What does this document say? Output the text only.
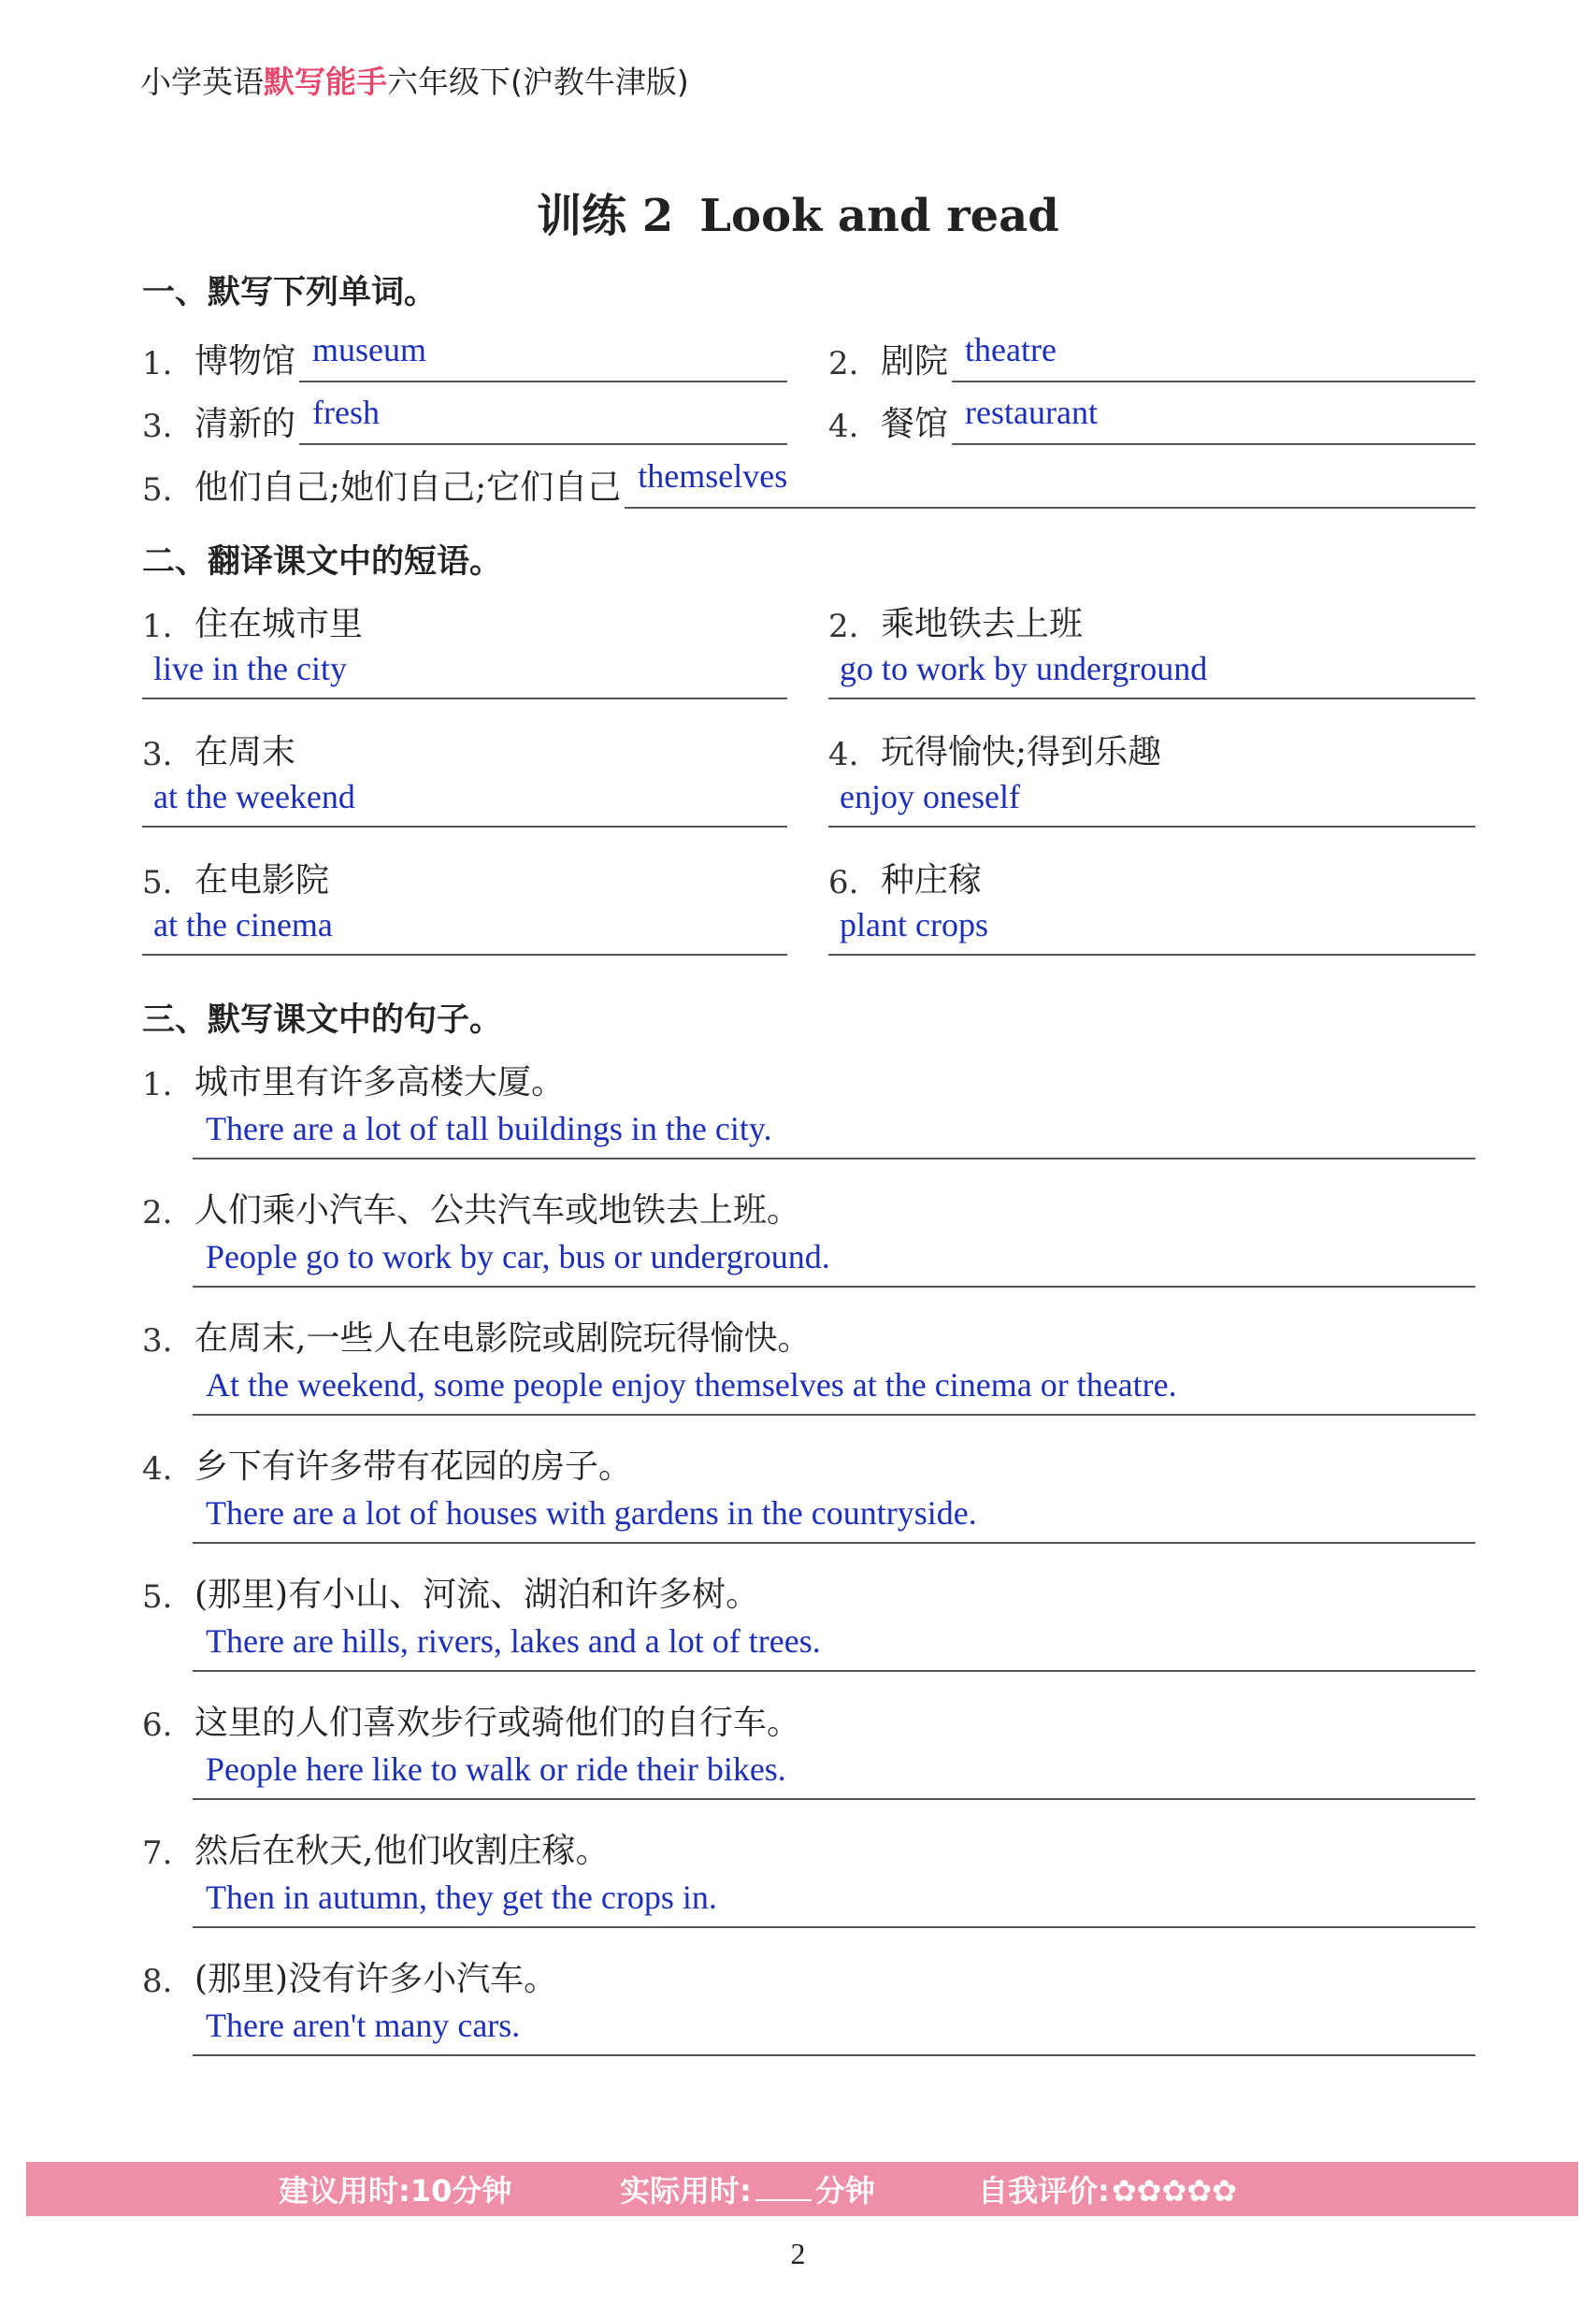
小学英语默写能手六年级下(沪教牛津版)
训练 2 Look and read
一、默写下列单词。
1. 博物馆 museum	2. 剧院 theatre
3. 清新的 fresh	4. 餐馆 restaurant
5. 他们自己;她们自己;它们自己 themselves
二、翻译课文中的短语。
1. 住在城市里
live in the city
2. 乘地铁去上班
go to work by underground
3. 在周末
at the weekend
4. 玩得愉快;得到乐趣
enjoy oneself
5. 在电影院
at the cinema
6. 种庄稼
plant crops
三、默写课文中的句子。
1. 城市里有许多高楼大厦。
There are a lot of tall buildings in the city.
2. 人们乘小汽车、公共汽车或地铁去上班。
People go to work by car, bus or underground.
3. 在周末,一些人在电影院或剧院玩得愉快。
At the weekend, some people enjoy themselves at the cinema or theatre.
4. 乡下有许多带有花园的房子。
There are a lot of houses with gardens in the countryside.
5. (那里)有小山、河流、湖泊和许多树。
There are hills, rivers, lakes and a lot of trees.
6. 这里的人们喜欢步行或骑他们的自行车。
People here like to walk or ride their bikes.
7. 然后在秋天,他们收割庄稼。
Then in autumn, they get the crops in.
8. (那里)没有许多小汽车。
There aren't many cars.
建议用时:10分钟	实际用时: 分钟	自我评价:✿✿✿✿✿
2
